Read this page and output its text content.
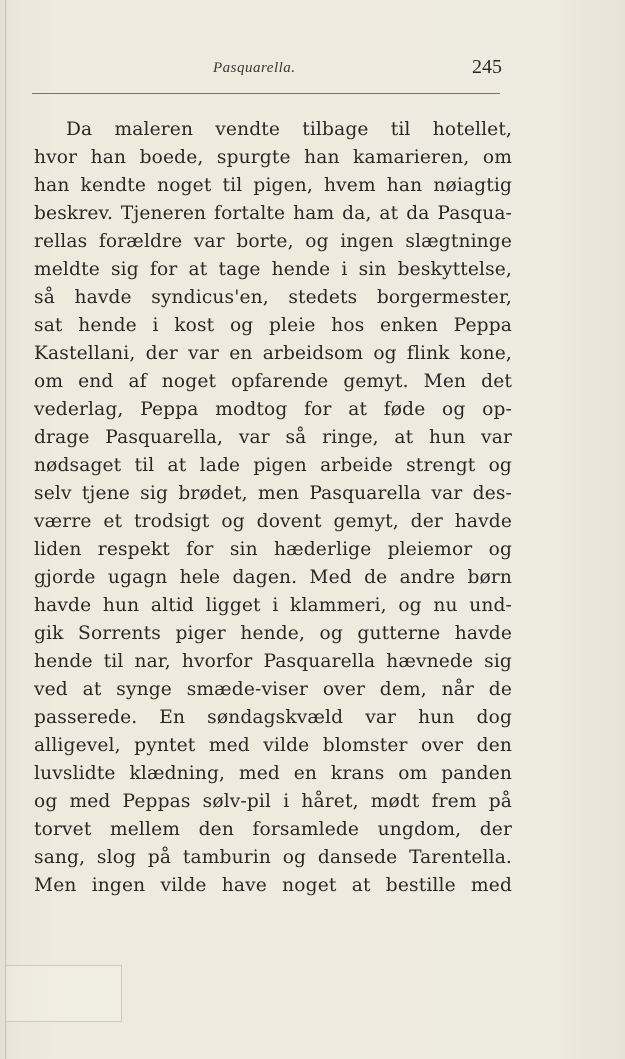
Pasquarella.	245
Da maleren vendte tilbage til hotellet,
hvor han boede, spurgte han kamarieren, om
han kendte noget til pigen, hvem han nøiagtig
beskrev. Tjeneren fortalte ham da, at da Pasqua-
rellas forældre var borte, og ingen slægtninge
meldte sig for at tage hende i sin beskyttelse,
så havde syndicus'en, stedets borgermester,
sat hende i kost og pleie hos enken Peppa
Kastellani, der var en arbeidsom og flink kone,
om end af noget opfarende gemyt. Men det
vederlag, Peppa modtog for at føde og op-
drage Pasquarella, var så ringe, at hun var
nødsaget til at lade pigen arbeide strengt og
selv tjene sig brødet, men Pasquarella var des-
værre et trodsigt og dovent gemyt, der havde
liden respekt for sin hæderlige pleiemor og
gjorde ugagn hele dagen. Med de andre børn
havde hun altid ligget i klammeri, og nu und-
gik Sorrents piger hende, og gutterne havde
hende til nar, hvorfor Pasquarella hævnede sig
ved at synge smæde-viser over dem, når de
passerede. En søndagskvæld var hun dog
alligevel, pyntet med vilde blomster over den
luvslidte klædning, med en krans om panden
og med Peppas sølv-pil i håret, mødt frem på
torvet mellem den forsamlede ungdom, der
sang, slog på tamburin og dansede Tarentella.
Men ingen vilde have noget at bestille med
